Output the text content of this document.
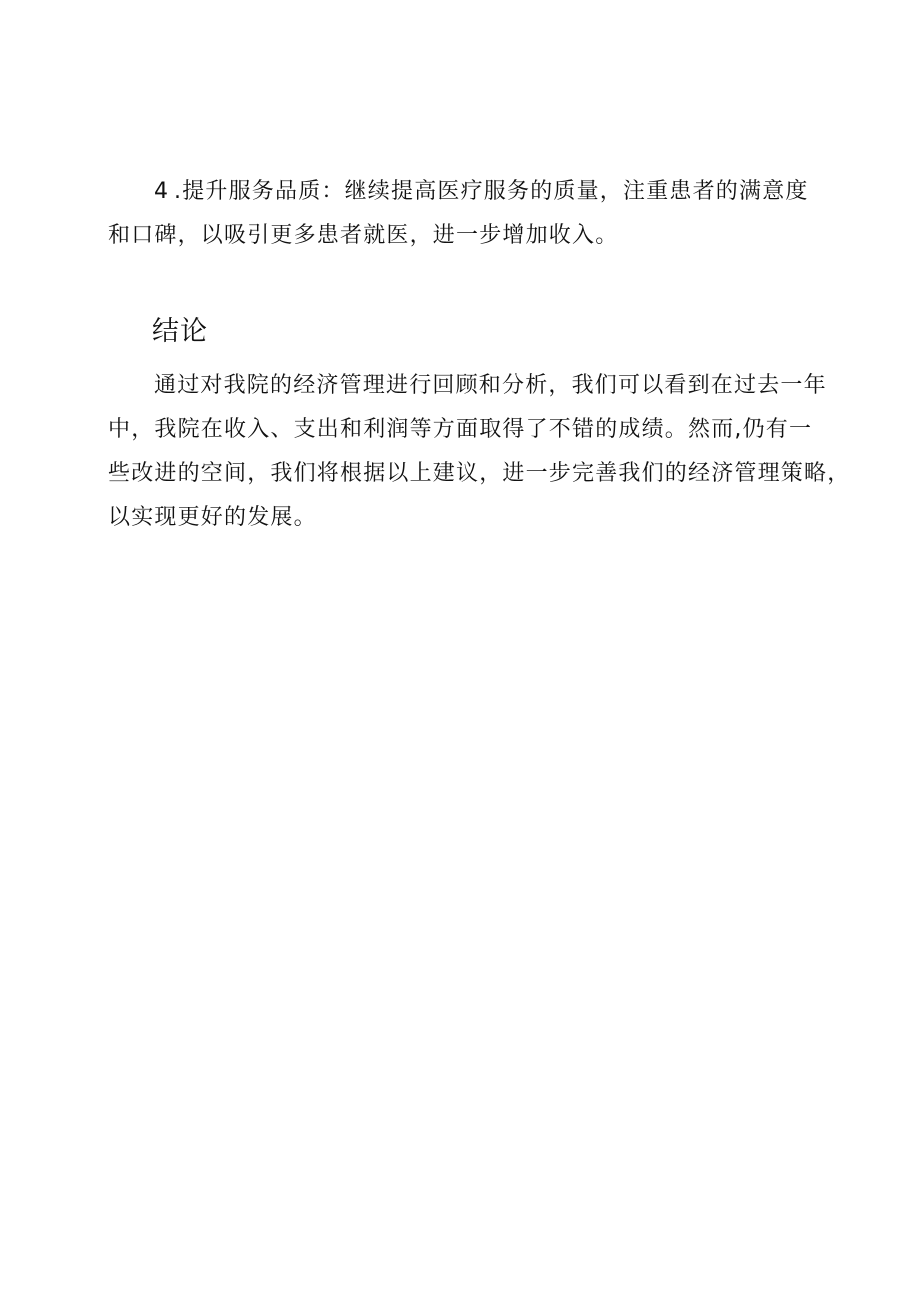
4.提升服务品质：继续提高医疗服务的质量，注重患者的满意度
和口碑，以吸引更多患者就医，进一步增加收入。

结论

通过对我院的经济管理进行回顾和分析，我们可以看到在过去一年
中，我院在收入、支出和利润等方面取得了不错的成绩。然而,仍有一
些改进的空间，我们将根据以上建议，进一步完善我们的经济管理策略，
以实现更好的发展。
